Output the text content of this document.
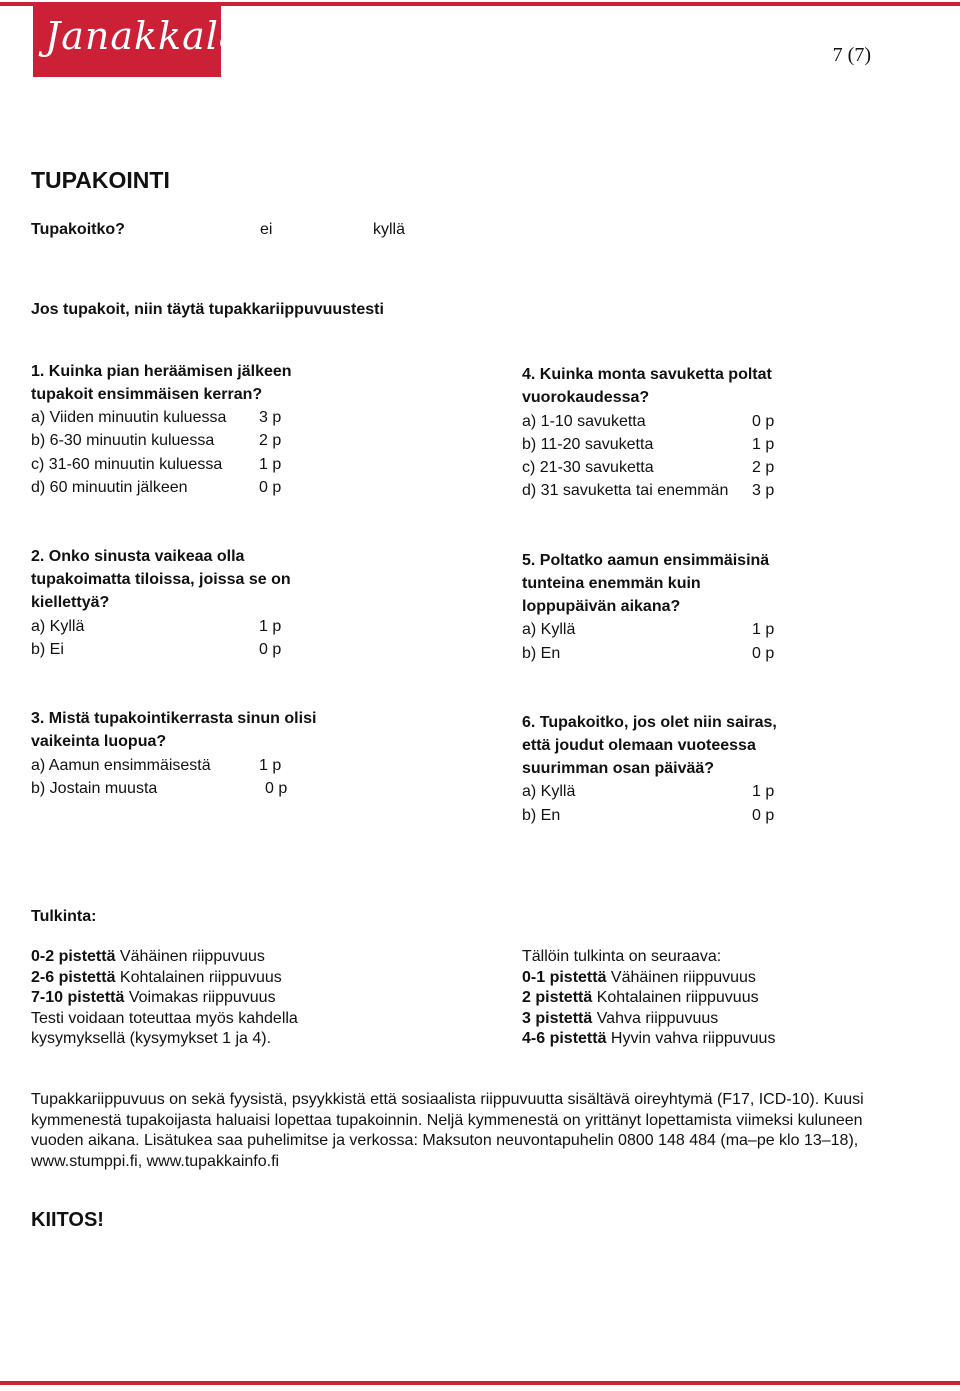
Janakkala	7 (7)
TUPAKOINTI
Tupakoitko?	ei	kyllä
Jos tupakoit, niin täytä tupakkariippuvuustesti
1. Kuinka pian heräämisen jälkeen
tupakoit ensimmäisen kerran?
a) Viiden minuutin kuluessa 3 p
b) 6-30 minuutin kuluessa	2 p
c) 31-60 minuutin kuluessa 1 p
d) 60 minuutin jälkeen	0 p
2. Onko sinusta vaikeaa olla
tupakoimatta tiloissa, joissa se on
kiellettyä?
a) Kyllä	1 p
b) Ei	0 p
3. Mistä tupakointikerrasta sinun olisi
vaikeinta luopua?
a) Aamun ensimmäisestä	1 p
b) Jostain muusta	0 p
4. Kuinka monta savuketta poltat
vuorokaudessa?
a) 1-10 savuketta	0 p
b) 11-20 savuketta	1 p
c) 21-30 savuketta	2 p
d) 31 savuketta tai enemmän 3 p
5. Poltatko aamun ensimmäisinä
tunteina enemmän kuin
loppupäivän aikana?
a) Kyllä	1 p
b) En	0 p
6. Tupakoitko, jos olet niin sairas,
että joudut olemaan vuoteessa
suurimman osan päivää?
a) Kyllä	1 p
b) En	0 p
Tulkinta:
0-2 pistettä Vähäinen riippuvuus
2-6 pistettä Kohtalainen riippuvuus
7-10 pistettä Voimakas riippuvuus
Testi voidaan toteuttaa myös kahdella
kysymyksellä (kysymykset 1 ja 4).
Tällöin tulkinta on seuraava:
0-1 pistettä Vähäinen riippuvuus
2 pistettä Kohtalainen riippuvuus
3 pistettä Vahva riippuvuus
4-6 pistettä Hyvin vahva riippuvuus
Tupakkariippuvuus on sekä fyysistä, psyykkistä että sosiaalista riippuvuutta sisältävä oireyhtymä (F17, ICD-10). Kuusi
kymmenestä tupakoijasta haluaisi lopettaa tupakoinnin. Neljä kymmenestä on yrittänyt lopettamista viimeksi kuluneen
vuoden aikana. Lisätukea saa puhelimitse ja verkossa: Maksuton neuvontapuhelin 0800 148 484 (ma–pe klo 13–18),
www.stumppi.fi, www.tupakkainfo.fi
KIITOS!
